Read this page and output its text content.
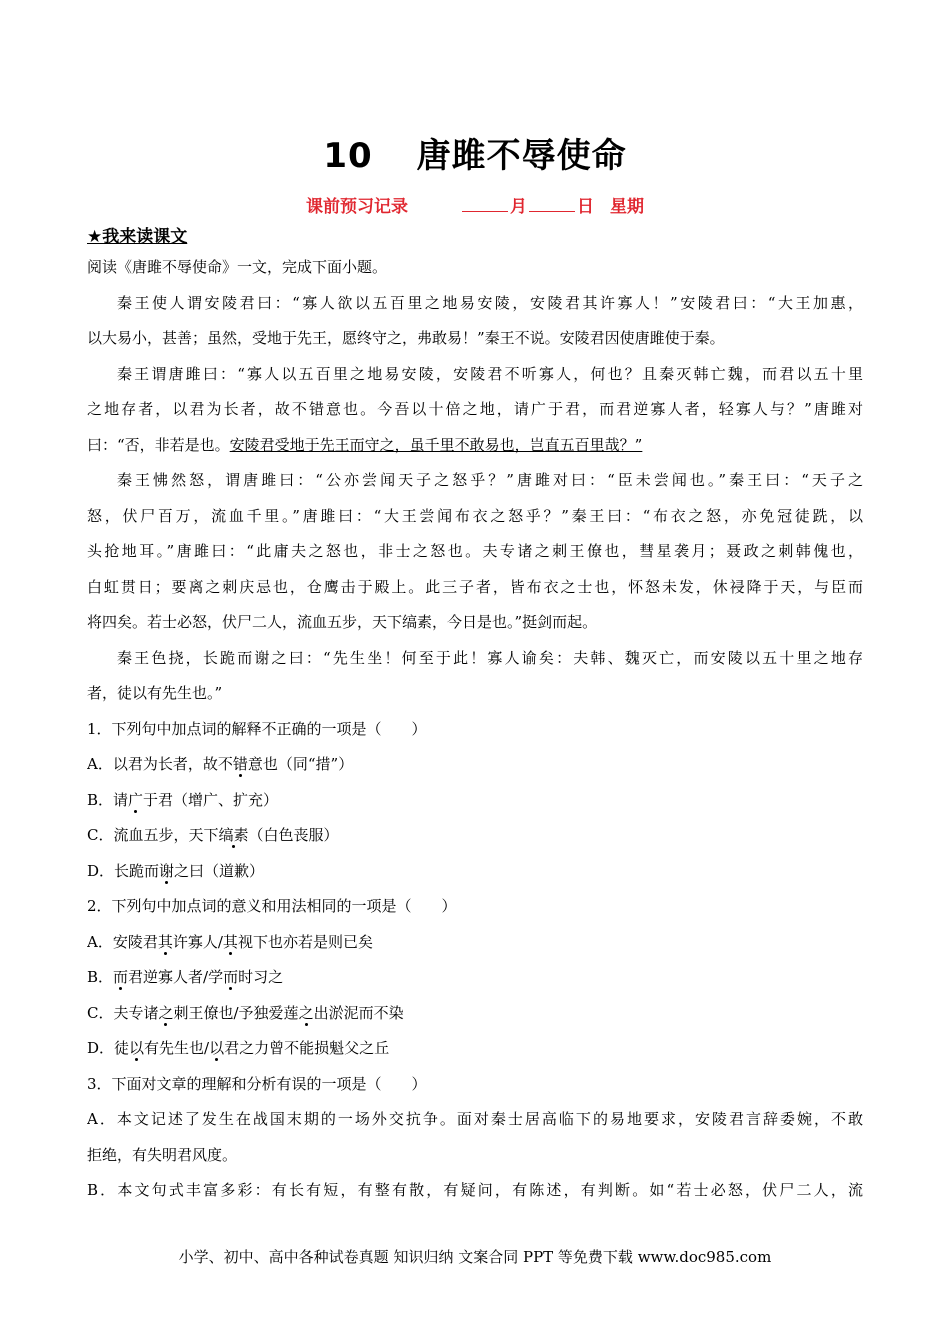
10 唐雎不辱使命
课前预习记录	月	日 星期
★我来读课文
阅读《唐雎不辱使命》一文，完成下面小题。
秦王使人谓安陵君曰：“寡人欲以五百里之地易安陵，安陵君其许寡人！”安陵君曰：“大王加惠，
以大易小，甚善；虽然，受地于先王，愿终守之，弗敢易！”秦王不说。安陵君因使唐雎使于秦。
秦王谓唐雎曰：“寡人以五百里之地易安陵，安陵君不听寡人，何也？且秦灭韩亡魏，而君以五十里
之地存者，以君为长者，故不错意也。今吾以十倍之地，请广于君，而君逆寡人者，轻寡人与？”唐雎对
曰：“否，非若是也。安陵君受地于先王而守之，虽千里不敢易也，岂直五百里哉？”
秦王怫然怒，谓唐雎曰：“公亦尝闻天子之怒乎？”唐雎对曰：“臣未尝闻也。”秦王曰：“天子之
怒，伏尸百万，流血千里。”唐雎曰：“大王尝闻布衣之怒乎？”秦王曰：“布衣之怒，亦免冠徒跣，以
头抢地耳。”唐雎曰：“此庸夫之怒也，非士之怒也。夫专诸之刺王僚也，彗星袭月；聂政之刺韩傀也，
白虹贯日；要离之刺庆忌也，仓鹰击于殿上。此三子者，皆布衣之士也，怀怒未发，休祲降于天，与臣而
将四矣。若士必怒，伏尸二人，流血五步，天下缟素，今日是也。”挺剑而起。
秦王色挠，长跪而谢之曰：“先生坐！何至于此！寡人谕矣：夫韩、魏灭亡，而安陵以五十里之地存
者，徒以有先生也。”
1．下列句中加点词的解释不正确的一项是（　　）
A．以君为长者，故不错意也（同“措”）
B．请广于君（增广、扩充）
C．流血五步，天下缟素（白色丧服）
D．长跪而谢之曰（道歉）
2．下列句中加点词的意义和用法相同的一项是（　　）
A．安陵君其许寡人/其视下也亦若是则已矣
B．而君逆寡人者/学而时习之
C．夫专诸之刺王僚也/予独爱莲之出淤泥而不染
D．徒以有先生也/以君之力曾不能损魁父之丘
3．下面对文章的理解和分析有误的一项是（　　）
A．本文记述了发生在战国末期的一场外交抗争。面对秦士居高临下的易地要求，安陵君言辞委婉，不敢
拒绝，有失明君风度。
B．本文句式丰富多彩：有长有短，有整有散，有疑问，有陈述，有判断。如“若士必怒，伏尸二人，流
小学、初中、高中各种试卷真题 知识归纳 文案合同 PPT 等免费下载 www.doc985.com
